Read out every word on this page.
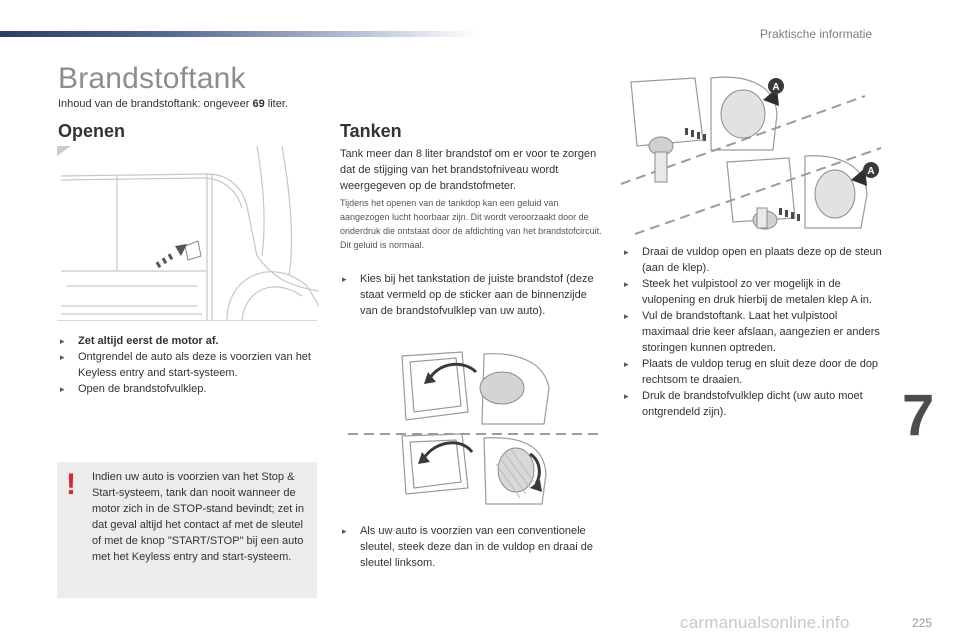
Praktische informatie
Brandstoftank
Inhoud van de brandstoftank: ongeveer 69 liter.
Openen	Tanken
▸ Zet altijd eerst de motor af.
▸ Ontgrendel de auto als deze is voorzien van het Keyless entry and start-systeem.
▸ Open de brandstofvulklep.
! Indien uw auto is voorzien van het Stop & Start-systeem, tank dan nooit wanneer de motor zich in de STOP-stand bevindt; zet in dat geval altijd het contact af met de sleutel of met de knop "START/STOP" bij een auto met het Keyless entry and start-systeem.
Tank meer dan 8 liter brandstof om er voor te zorgen dat de stijging van het brandstofniveau wordt weergegeven op de brandstofmeter.
Tijdens het openen van de tankdop kan een geluid van aangezogen lucht hoorbaar zijn. Dit wordt veroorzaakt door de onderdruk die ontstaat door de afdichting van het brandstofcircuit. Dit geluid is normaal.
▸ Kies bij het tankstation de juiste brandstof (deze staat vermeld op de sticker aan de binnenzijde van de brandstofvulklep van uw auto).
▸ Als uw auto is voorzien van een conventionele sleutel, steek deze dan in de vuldop en draai de sleutel linksom.
A
A
▸ Draai de vuldop open en plaats deze op de steun (aan de klep).
▸ Steek het vulpistool zo ver mogelijk in de vulopening en druk hierbij de metalen klep A in.
▸ Vul de brandstoftank. Laat het vulpistool maximaal drie keer afslaan, aangezien er anders storingen kunnen optreden.
▸ Plaats de vuldop terug en sluit deze door de dop rechtsom te draaien.
▸ Druk de brandstofvulklep dicht (uw auto moet ontgrendeld zijn).	7
carmanualsonline.info	225
